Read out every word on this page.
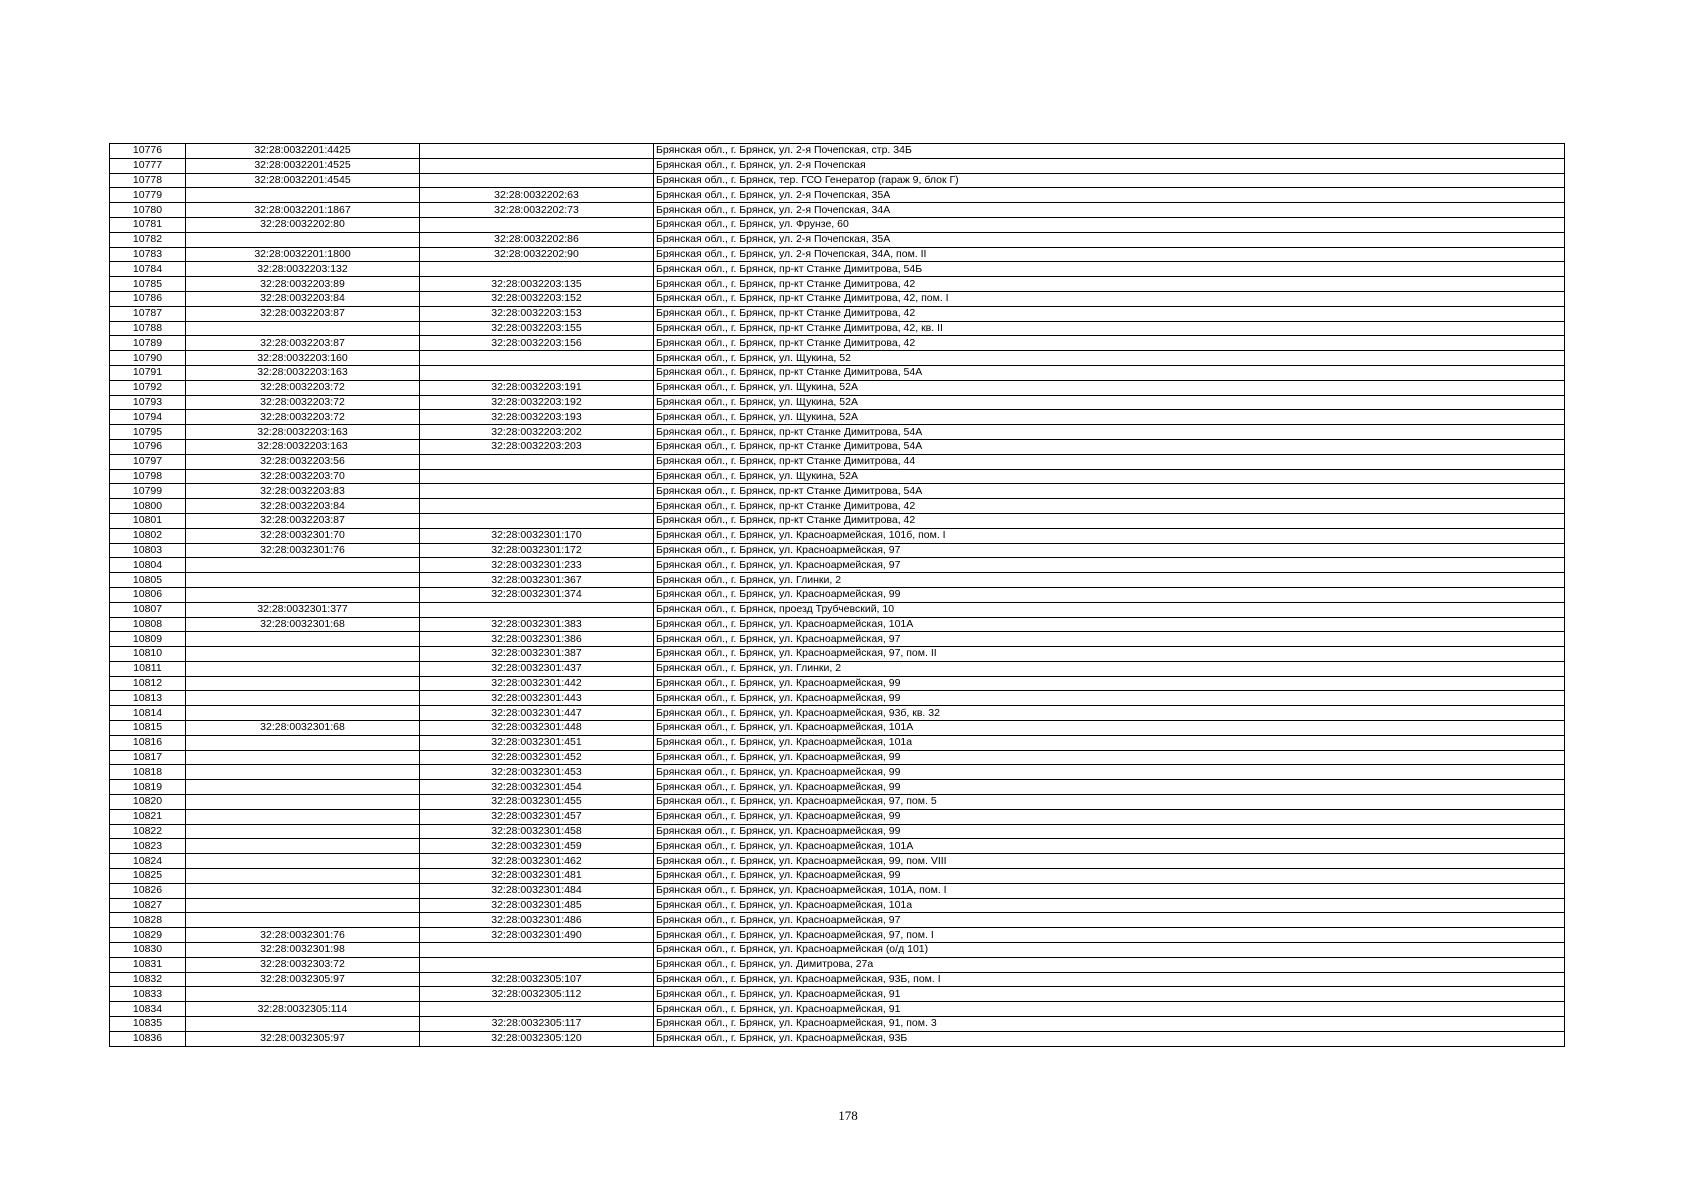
10776	32:28:0032201:4425		Брянская обл., г. Брянск, ул. 2-я Почепская, стр. 34Б
10777	32:28:0032201:4525		Брянская обл., г. Брянск, ул. 2-я Почепская
10778	32:28:0032201:4545		Брянская обл., г. Брянск, тер. ГСО Генератор (гараж 9, блок Г)
10779		32:28:0032202:63	Брянская обл., г. Брянск, ул. 2-я Почепская, 35А
10780	32:28:0032201:1867	32:28:0032202:73	Брянская обл., г. Брянск, ул. 2-я Почепская, 34А
10781	32:28:0032202:80		Брянская обл., г. Брянск, ул. Фрунзе, 60
10782		32:28:0032202:86	Брянская обл., г. Брянск, ул. 2-я Почепская, 35А
10783	32:28:0032201:1800	32:28:0032202:90	Брянская обл., г. Брянск, ул. 2-я Почепская, 34А, пом. II
10784	32:28:0032203:132		Брянская обл., г. Брянск, пр-кт Станке Димитрова, 54Б
10785	32:28:0032203:89	32:28:0032203:135	Брянская обл., г. Брянск, пр-кт Станке Димитрова, 42
10786	32:28:0032203:84	32:28:0032203:152	Брянская обл., г. Брянск, пр-кт Станке Димитрова, 42, пом. I
10787	32:28:0032203:87	32:28:0032203:153	Брянская обл., г. Брянск, пр-кт Станке Димитрова, 42
10788		32:28:0032203:155	Брянская обл., г. Брянск, пр-кт Станке Димитрова, 42, кв. II
10789	32:28:0032203:87	32:28:0032203:156	Брянская обл., г. Брянск, пр-кт Станке Димитрова, 42
10790	32:28:0032203:160		Брянская обл., г. Брянск, ул. Щукина, 52
10791	32:28:0032203:163		Брянская обл., г. Брянск, пр-кт Станке Димитрова, 54А
10792	32:28:0032203:72	32:28:0032203:191	Брянская обл., г. Брянск, ул. Щукина, 52А
10793	32:28:0032203:72	32:28:0032203:192	Брянская обл., г. Брянск, ул. Щукина, 52А
10794	32:28:0032203:72	32:28:0032203:193	Брянская обл., г. Брянск, ул. Щукина, 52А
10795	32:28:0032203:163	32:28:0032203:202	Брянская обл., г. Брянск, пр-кт Станке Димитрова, 54А
10796	32:28:0032203:163	32:28:0032203:203	Брянская обл., г. Брянск, пр-кт Станке Димитрова, 54А
10797	32:28:0032203:56		Брянская обл., г. Брянск, пр-кт Станке Димитрова, 44
10798	32:28:0032203:70		Брянская обл., г. Брянск, ул. Щукина, 52А
10799	32:28:0032203:83		Брянская обл., г. Брянск, пр-кт Станке Димитрова, 54А
10800	32:28:0032203:84		Брянская обл., г. Брянск, пр-кт Станке Димитрова, 42
10801	32:28:0032203:87		Брянская обл., г. Брянск, пр-кт Станке Димитрова, 42
10802	32:28:0032301:70	32:28:0032301:170	Брянская обл., г. Брянск, ул. Красноармейская, 101б, пом. I
10803	32:28:0032301:76	32:28:0032301:172	Брянская обл., г. Брянск, ул. Красноармейская, 97
10804		32:28:0032301:233	Брянская обл., г. Брянск, ул. Красноармейская, 97
10805		32:28:0032301:367	Брянская обл., г. Брянск, ул. Глинки, 2
10806		32:28:0032301:374	Брянская обл., г. Брянск, ул. Красноармейская, 99
10807	32:28:0032301:377		Брянская обл., г. Брянск, проезд Трубчевский, 10
10808	32:28:0032301:68	32:28:0032301:383	Брянская обл., г. Брянск, ул. Красноармейская, 101А
10809		32:28:0032301:386	Брянская обл., г. Брянск, ул. Красноармейская, 97
10810		32:28:0032301:387	Брянская обл., г. Брянск, ул. Красноармейская, 97, пом. II
10811		32:28:0032301:437	Брянская обл., г. Брянск, ул. Глинки, 2
10812		32:28:0032301:442	Брянская обл., г. Брянск, ул. Красноармейская, 99
10813		32:28:0032301:443	Брянская обл., г. Брянск, ул. Красноармейская, 99
10814		32:28:0032301:447	Брянская обл., г. Брянск, ул. Красноармейская, 93б, кв. 32
10815	32:28:0032301:68	32:28:0032301:448	Брянская обл., г. Брянск, ул. Красноармейская, 101А
10816		32:28:0032301:451	Брянская обл., г. Брянск, ул. Красноармейская, 101а
10817		32:28:0032301:452	Брянская обл., г. Брянск, ул. Красноармейская, 99
10818		32:28:0032301:453	Брянская обл., г. Брянск, ул. Красноармейская, 99
10819		32:28:0032301:454	Брянская обл., г. Брянск, ул. Красноармейская, 99
10820		32:28:0032301:455	Брянская обл., г. Брянск, ул. Красноармейская, 97, пом. 5
10821		32:28:0032301:457	Брянская обл., г. Брянск, ул. Красноармейская, 99
10822		32:28:0032301:458	Брянская обл., г. Брянск, ул. Красноармейская, 99
10823		32:28:0032301:459	Брянская обл., г. Брянск, ул. Красноармейская, 101А
10824		32:28:0032301:462	Брянская обл., г. Брянск, ул. Красноармейская, 99, пом. VIII
10825		32:28:0032301:481	Брянская обл., г. Брянск, ул. Красноармейская, 99
10826		32:28:0032301:484	Брянская обл., г. Брянск, ул. Красноармейская, 101А, пом. I
10827		32:28:0032301:485	Брянская обл., г. Брянск, ул. Красноармейская, 101а
10828		32:28:0032301:486	Брянская обл., г. Брянск, ул. Красноармейская, 97
10829	32:28:0032301:76	32:28:0032301:490	Брянская обл., г. Брянск, ул. Красноармейская, 97, пом. I
10830	32:28:0032301:98		Брянская обл., г. Брянск, ул. Красноармейская (о/д 101)
10831	32:28:0032303:72		Брянская обл., г. Брянск, ул. Димитрова, 27а
10832	32:28:0032305:97	32:28:0032305:107	Брянская обл., г. Брянск, ул. Красноармейская, 93Б, пом. I
10833		32:28:0032305:112	Брянская обл., г. Брянск, ул. Красноармейская, 91
10834	32:28:0032305:114		Брянская обл., г. Брянск, ул. Красноармейская, 91
10835		32:28:0032305:117	Брянская обл., г. Брянск, ул. Красноармейская, 91, пом. 3
10836	32:28:0032305:97	32:28:0032305:120	Брянская обл., г. Брянск, ул. Красноармейская, 93Б
178
